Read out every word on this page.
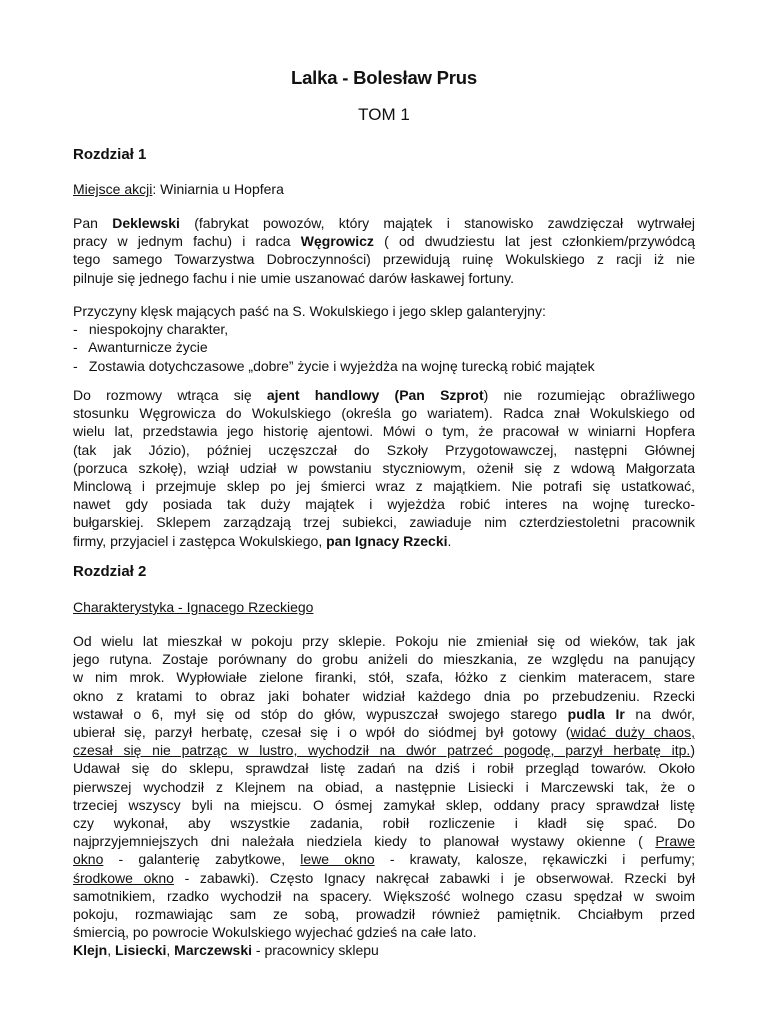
Lalka - Bolesław Prus
TOM 1
Rozdział 1
Miejsce akcji: Winiarnia u Hopfera
Pan Deklewski (fabrykat powozów, który majątek i stanowisko zawdzięczał wytrwałej
pracy w jednym fachu) i radca Węgrowicz ( od dwudziestu lat jest członkiem/przywódcą
tego samego Towarzystwa Dobroczynności) przewidują ruinę Wokulskiego z racji iż nie
pilnuje się jednego fachu i nie umie uszanować darów łaskawej fortuny.
Przyczyny klęsk mających paść na S. Wokulskiego i jego sklep galanteryjny:
- niespokojny charakter,
- Awanturnicze życie
- Zostawia dotychczasowe „dobre” życie i wyjeżdża na wojnę turecką robić majątek
Do rozmowy wtrąca się ajent handlowy (Pan Szprot) nie rozumiejąc obraźliwego
stosunku Węgrowicza do Wokulskiego (określa go wariatem). Radca znał Wokulskiego od
wielu lat, przedstawia jego historię ajentowi. Mówi o tym, że pracował w winiarni Hopfera
(tak jak Józio), później uczęszczał do Szkoły Przygotowawczej, następni Głównej
(porzuca szkołę), wziął udział w powstaniu styczniowym, ożenił się z wdową Małgorzata
Minclową i przejmuje sklep po jej śmierci wraz z majątkiem. Nie potrafi się ustatkować,
nawet gdy posiada tak duży majątek i wyjeżdża robić interes na wojnę turecko-
bułgarskiej. Sklepem zarządzają trzej subiekci, zawiaduje nim czterdziestoletni pracownik
firmy, przyjaciel i zastępca Wokulskiego, pan Ignacy Rzecki.
Rozdział 2
Charakterystyka - Ignacego Rzeckiego
Od wielu lat mieszkał w pokoju przy sklepie. Pokoju nie zmieniał się od wieków, tak jak
jego rutyna. Zostaje porównany do grobu aniżeli do mieszkania, ze względu na panujący
w nim mrok. Wypłowiałe zielone firanki, stół, szafa, łóżko z cienkim materacem, stare
okno z kratami to obraz jaki bohater widział każdego dnia po przebudzeniu. Rzecki
wstawał o 6, mył się od stóp do głów, wypuszczał swojego starego pudla Ir na dwór,
ubierał się, parzył herbatę, czesał się i o wpół do siódmej był gotowy (widać duży chaos,
czesał się nie patrząc w lustro, wychodził na dwór patrzeć pogodę, parzył herbatę itp.)
Udawał się do sklepu, sprawdzał listę zadań na dziś i robił przegląd towarów. Około
pierwszej wychodził z Klejnem na obiad, a następnie Lisiecki i Marczewski tak, że o
trzeciej wszyscy byli na miejscu. O ósmej zamykał sklep, oddany pracy sprawdzał listę
czy wykonał, aby wszystkie zadania, robił rozliczenie i kładł się spać. Do
najprzyjemniejszych dni należała niedziela kiedy to planował wystawy okienne ( Prawe
okno - galanterię zabytkowe, lewe okno - krawaty, kalosze, rękawiczki i perfumy;
środkowe okno - zabawki). Często Ignacy nakręcał zabawki i je obserwował. Rzecki był
samotnikiem, rzadko wychodził na spacery. Większość wolnego czasu spędzał w swoim
pokoju, rozmawiając sam ze sobą, prowadził również pamiętnik. Chciałbym przed
śmiercią, po powrocie Wokulskiego wyjechać gdzieś na całe lato.
Klejn, Lisiecki, Marczewski - pracownicy sklepu
